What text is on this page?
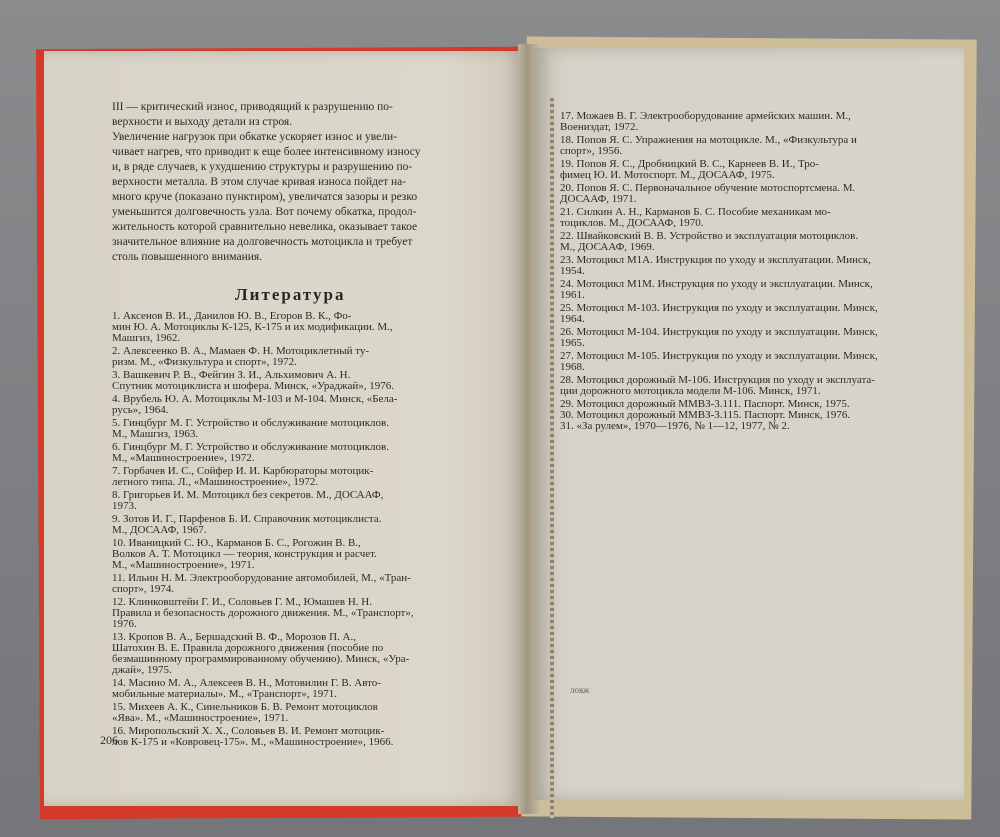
III — критический износ, приводящий к разрушению по-
верхности и выходу детали из строя.
Увеличение нагрузок при обкатке ускоряет износ и увели-
чивает нагрев, что приводит к еще более интенсивному износу
и, в ряде случаев, к ухудшению структуры и разрушению по-
верхности металла. В этом случае кривая износа пойдет на-
много круче (показано пунктиром), увеличатся зазоры и резко
уменьшится долговечность узла. Вот почему обкатка, продол-
жительность которой сравнительно невелика, оказывает такое
значительное влияние на долговечность мотоцикла и требует
столь повышенного внимания.
Литература
1. Аксенов В. И., Данилов Ю. В., Егоров В. К., Фо-
мин Ю. А. Мотоциклы К-125, К-175 и их модификации. М.,
Машгиз, 1962.
2. Алексеенко В. А., Мамаев Ф. Н. Мотоциклетный ту-
ризм. М., «Физкультура и спорт», 1972.
3. Вашкевич Р. В., Фейгин З. И., Альхимович А. Н.
Спутник мотоциклиста и шофера. Минск, «Ураджай», 1976.
4. Врубель Ю. А. Мотоциклы М-103 и М-104. Минск, «Бела-
русь», 1964.
5. Гинцбург М. Г. Устройство и обслуживание мотоциклов.
М., Машгиз, 1963.
6. Гинцбург М. Г. Устройство и обслуживание мотоциклов.
М., «Машиностроение», 1972.
7. Горбачев И. С., Сойфер И. И. Карбюраторы мотоцик-
летного типа. Л., «Машиностроение», 1972.
8. Григорьев И. М. Мотоцикл без секретов. М., ДОСААФ,
1973.
9. Зотов И. Г., Парфенов Б. И. Справочник мотоциклиста.
М., ДОСААФ, 1967.
10. Иваницкий С. Ю., Карманов Б. С., Рогожин В. В.,
Волков А. Т. Мотоцикл — теория, конструкция и расчет.
М., «Машиностроение», 1971.
11. Ильин Н. М. Электрооборудование автомобилей, М., «Тран-
спорт», 1974.
12. Клинковштейн Г. И., Соловьев Г. М., Юмашев Н. Н.
Правила и безопасность дорожного движения. М., «Транспорт»,
1976.
13. Кропов В. А., Бершадский В. Ф., Морозов П. А.,
Шатохин В. Е. Правила дорожного движения (пособие по
безмашинному программированному обучению). Минск, «Ура-
джай», 1975.
14. Масино М. А., Алексеев В. Н., Мотовилин Г. В. Авто-
мобильные материалы». М., «Транспорт», 1971.
15. Михеев А. К., Синельников Б. В. Ремонт мотоциклов
«Ява». М., «Машиностроение», 1971.
16. Миропольский Х. Х., Соловьев В. И. Ремонт мотоцик-
лов К-175 и «Ковровец-175». М., «Машиностроение», 1966.
206
17. Можаев В. Г. Электрооборудование армейских машин. М.,
Воениздат, 1972.
18. Попов Я. С. Упражнения на мотоцикле. М., «Физкультура и
спорт», 1956.
19. Попов Я. С., Дробницкий В. С., Карнеев В. И., Тро-
фимец Ю. И. Мотоспорт. М., ДОСААФ, 1975.
20. Попов Я. С. Первоначальное обучение мотоспортсмена. М.
ДОСААФ, 1971.
21. Силкин А. Н., Карманов Б. С. Пособие механикам мо-
тоциклов. М., ДОСААФ, 1970.
22. Швайковский В. В. Устройство и эксплуатация мотоциклов.
М., ДОСААФ, 1969.
23. Мотоцикл М1А. Инструкция по уходу и эксплуатации. Минск,
1954.
24. Мотоцикл М1М. Инструкция по уходу и эксплуатации. Минск,
1961.
25. Мотоцикл М-103. Инструкция по уходу и эксплуатации. Минск,
1964.
26. Мотоцикл М-104. Инструкция по уходу и эксплуатации. Минск,
1965.
27. Мотоцикл М-105. Инструкция по уходу и эксплуатации. Минск,
1968.
28. Мотоцикл дорожный М-106. Инструкция по уходу и эксплуата-
ции дорожного мотоцикла модели М-106. Минск, 1971.
29. Мотоцикл дорожный ММВЗ-3.111. Паспорт. Минск, 1975.
30. Мотоцикл дорожный ММВЗ-3.115. Паспорт. Минск, 1976.
31. «За рулем», 1970—1976, № 1—12, 1977, № 2.
ловж
